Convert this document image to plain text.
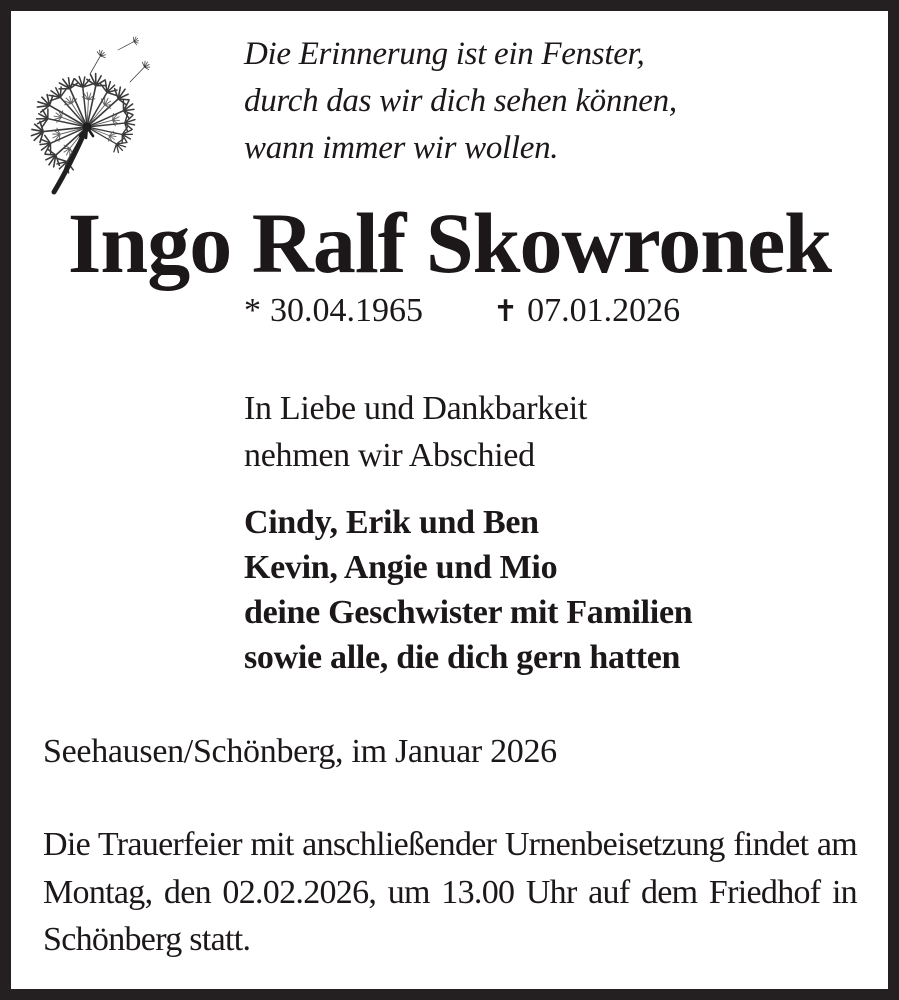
Die Erinnerung ist ein Fenster,
durch das wir dich sehen können,
wann immer wir wollen.
Ingo Ralf Skowronek
* 30.04.1965 ✝ 07.01.2026
In Liebe und Dankbarkeit
nehmen wir Abschied
Cindy, Erik und Ben
Kevin, Angie und Mio
deine Geschwister mit Familien
sowie alle, die dich gern hatten
Seehausen/Schönberg, im Januar 2026

Die Trauerfeier mit anschließender Urnenbeisetzung findet am Montag, den 02.02.2026, um 13.00 Uhr auf dem Friedhof in Schönberg statt.
